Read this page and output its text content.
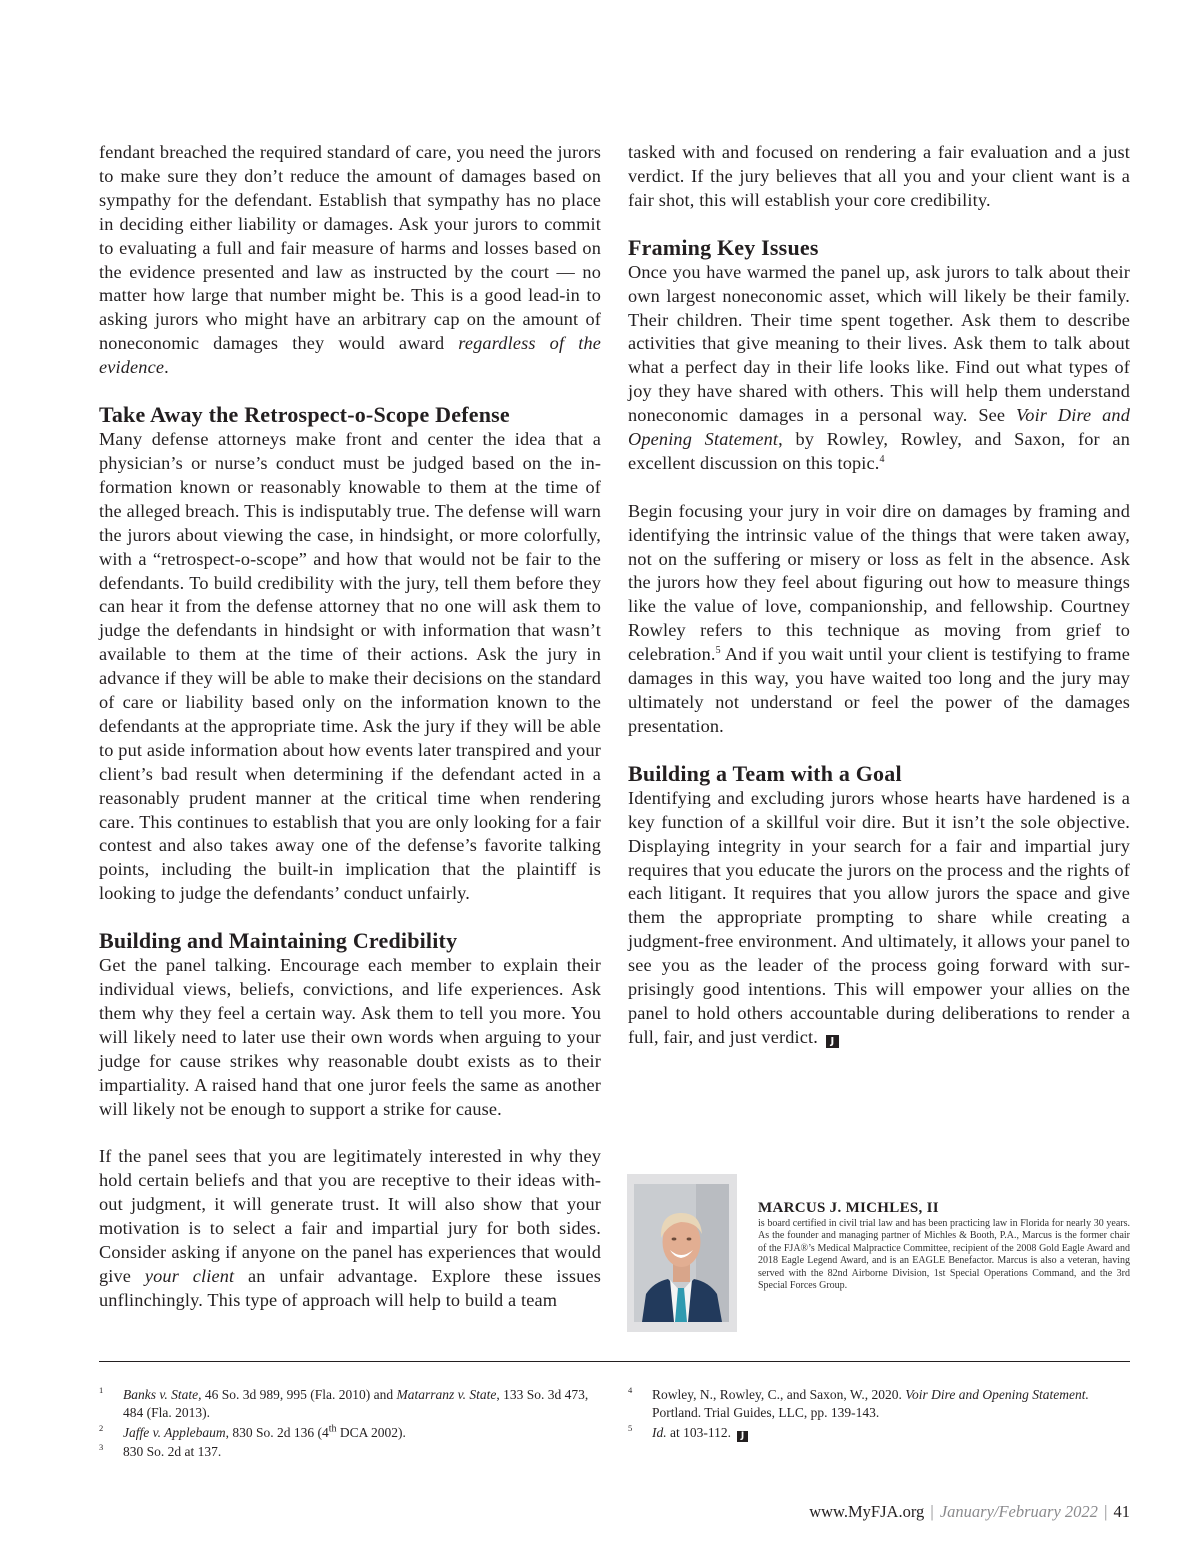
fendant breached the required standard of care, you need the jurors to make sure they don’t reduce the amount of damages based on sympathy for the defendant. Establish that sympathy has no place in deciding either liability or damages. Ask your jurors to commit to evaluating a full and fair measure of harms and losses based on the evidence presented and law as instructed by the court — no matter how large that number might be. This is a good lead-in to asking jurors who might have an arbitrary cap on the amount of noneconomic damages they would award regardless of the evidence.

Take Away the Retrospect-o-Scope Defense

Many defense attorneys make front and center the idea that a physician’s or nurse’s conduct must be judged based on the information known or reasonably knowable to them at the time of the alleged breach. This is indisputably true. The defense will warn the jurors about viewing the case, in hindsight, or more colorfully, with a “retrospect-o-scope” and how that would not be fair to the defendants. To build credibility with the jury, tell them before they can hear it from the defense attorney that no one will ask them to judge the defendants in hindsight or with information that wasn’t available to them at the time of their actions. Ask the jury in advance if they will be able to make their decisions on the standard of care or liability based only on the information known to the defendants at the appropriate time. Ask the jury if they will be able to put aside information about how events later transpired and your client’s bad result when determining if the defendant acted in a reasonably prudent manner at the critical time when rendering care. This continues to establish that you are only looking for a fair contest and also takes away one of the defense’s favorite talking points, including the built-in implication that the plaintiff is looking to judge the defendants’ conduct unfairly.

Building and Maintaining Credibility

Get the panel talking. Encourage each member to explain their individual views, beliefs, convictions, and life experiences. Ask them why they feel a certain way. Ask them to tell you more. You will likely need to later use their own words when arguing to your judge for cause strikes why reasonable doubt exists as to their impartiality. A raised hand that one juror feels the same as another will likely not be enough to support a strike for cause.

If the panel sees that you are legitimately interested in why they hold certain beliefs and that you are receptive to their ideas without judgment, it will generate trust. It will also show that your motivation is to select a fair and impartial jury for both sides. Consider asking if anyone on the panel has experiences that would give your client an unfair advantage. Explore these issues unflinchingly. This type of approach will help to build a team

tasked with and focused on rendering a fair evaluation and a just verdict. If the jury believes that all you and your client want is a fair shot, this will establish your core credibility.

Framing Key Issues

Once you have warmed the panel up, ask jurors to talk about their own largest noneconomic asset, which will likely be their family. Their children. Their time spent together. Ask them to describe activities that give meaning to their lives. Ask them to talk about what a perfect day in their life looks like. Find out what types of joy they have shared with others. This will help them understand noneconomic damages in a personal way. See Voir Dire and Opening Statement, by Rowley, Rowley, and Saxon, for an excellent discussion on this topic.$^4$

Begin focusing your jury in voir dire on damages by framing and identifying the intrinsic value of the things that were taken away, not on the suffering or misery or loss as felt in the absence. Ask the jurors how they feel about figuring out how to measure things like the value of love, companionship, and fellowship. Courtney Rowley refers to this technique as moving from grief to celebration.$^5$ And if you wait until your client is testifying to frame damages in this way, you have waited too long and the jury may ultimately not understand or feel the power of the damages presentation.

Building a Team with a Goal

Identifying and excluding jurors whose hearts have hardened is a key function of a skillful voir dire. But it isn’t the sole objective. Displaying integrity in your search for a fair and impartial jury requires that you educate the jurors on the process and the rights of each litigant. It requires that you allow jurors the space and give them the appropriate prompting to share while creating a judgment-free environment. And ultimately, it allows your panel to see you as the leader of the process going forward with surprisingly good intentions. This will empower your allies on the panel to hold others accountable during deliberations to render a full, fair, and just verdict. J

MARCUS J. MICHLES, II
is board certified in civil trial law and has been practicing law in Florida for nearly 30 years. As the founder and managing partner of Michles & Booth, P.A., Marcus is the former chair of the FJA®’s Medical Malpractice Committee, recipient of the 2008 Gold Eagle Award and 2018 Eagle Legend Award, and is an EAGLE Benefactor. Marcus is also a veteran, having served with the 82nd Airborne Division, 1st Special Operations Command, and the 3rd Special Forces Group.
1 Banks v. State, 46 So. 3d 989, 995 (Fla. 2010) and Matarranz v. State, 133 So. 3d 473, 484 (Fla. 2013).
2 Jaffe v. Applebaum, 830 So. 2d 136 (4th DCA 2002).
3 830 So. 2d at 137.
4 Rowley, N., Rowley, C., and Saxon, W., 2020. Voir Dire and Opening Statement. Portland. Trial Guides, LLC, pp. 139-143.
5 Id. at 103-112. J
www.MyFJA.org | January/February 2022 | 41
